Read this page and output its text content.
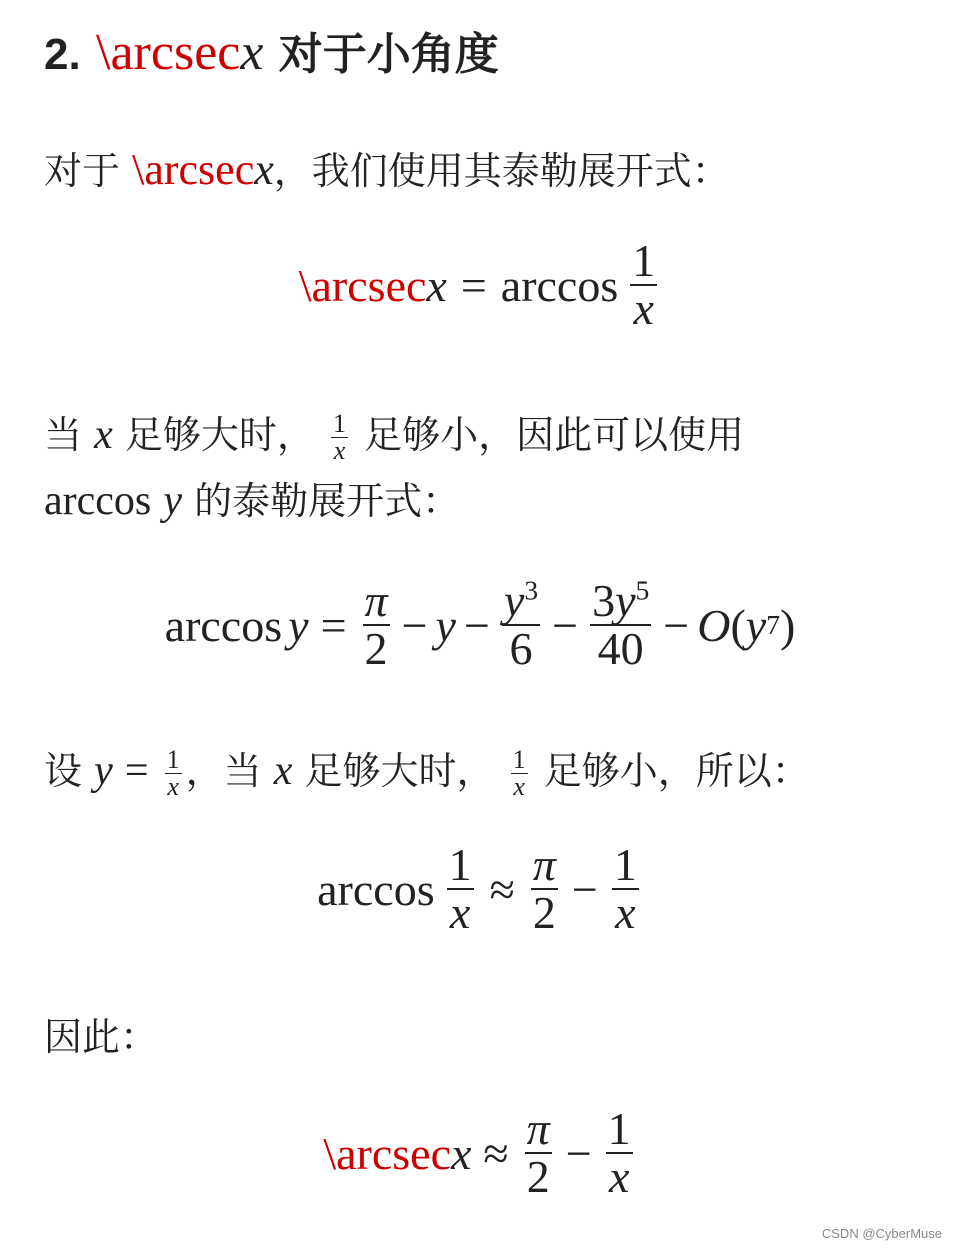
2. \arcsecx 对于小角度
对于 \arcsecx，我们使用其泰勒展开式：
\arcsec $x = \arccos \frac{1}{x}$
当 x 足够大时， $\frac{1}{x}$ 足够小，因此可以使用
arccos y 的泰勒展开式：
$\arccos y = \frac{\pi}{2} - y - \frac{y^3}{6} - \frac{3y^5}{40} - O$ ( y 7 )
设 $y = \frac{1}{x}$ ，当 x 足够大时， $\frac{1}{x}$ 足够小，所以：
$\arccos \frac{1}{x} \approx \frac{\pi}{2} - \frac{1}{x}$
因此：
\arcsec $x \approx \frac{\pi}{2} - \frac{1}{x}$
CSDN @CyberMuse
